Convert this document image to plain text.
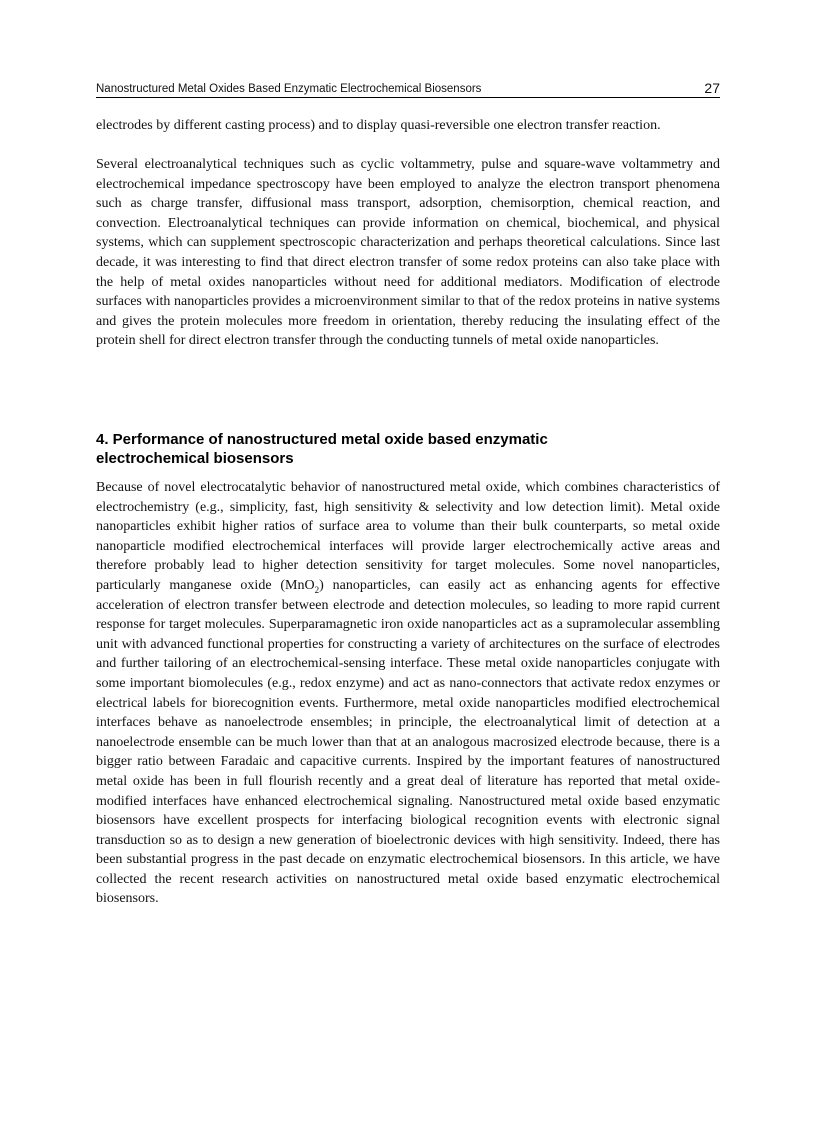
Nanostructured Metal Oxides Based Enzymatic Electrochemical Biosensors	27

electrodes by different casting process) and to display quasi-reversible one electron transfer reaction.

Several electroanalytical techniques such as cyclic voltammetry, pulse and square-wave voltammetry and electrochemical impedance spectroscopy have been employed to analyze the electron transport phenomena such as charge transfer, diffusional mass transport, adsorption, chemisorption, chemical reaction, and convection. Electroanalytical techniques can provide information on chemical, biochemical, and physical systems, which can supplement spectroscopic characterization and perhaps theoretical calculations. Since last decade, it was interesting to find that direct electron transfer of some redox proteins can also take place with the help of metal oxides nanoparticles without need for additional mediators. Modification of electrode surfaces with nanoparticles provides a microenvironment similar to that of the redox proteins in native systems and gives the protein molecules more freedom in orientation, thereby reducing the insulating effect of the protein shell for direct electron transfer through the conducting tunnels of metal oxide nanoparticles.

4. Performance of nanostructured metal oxide based enzymatic electrochemical biosensors

Because of novel electrocatalytic behavior of nanostructured metal oxide, which combines characteristics of electrochemistry (e.g., simplicity, fast, high sensitivity & selectivity and low detection limit). Metal oxide nanoparticles exhibit higher ratios of surface area to volume than their bulk counterparts, so metal oxide nanoparticle modified electrochemical interfaces will provide larger electrochemically active areas and therefore probably lead to higher detection sensitivity for target molecules. Some novel nanoparticles, particularly manganese oxide (MnO$_2$) nanoparticles, can easily act as enhancing agents for effective acceleration of electron transfer between electrode and detection molecules, so leading to more rapid current response for target molecules. Superparamagnetic iron oxide nanoparticles act as a supramolecular assembling unit with advanced functional properties for constructing a variety of architectures on the surface of electrodes and further tailoring of an electrochemical-sensing interface. These metal oxide nanoparticles conjugate with some important biomolecules (e.g., redox enzyme) and act as nano-connectors that activate redox enzymes or electrical labels for biorecognition events. Furthermore, metal oxide nanoparticles modified electrochemical interfaces behave as nanoelectrode ensembles; in principle, the electroanalytical limit of detection at a nanoelectrode ensemble can be much lower than that at an analogous macrosized electrode because, there is a bigger ratio between Faradaic and capacitive currents. Inspired by the important features of nanostructured metal oxide has been in full flourish recently and a great deal of literature has reported that metal oxide-modified interfaces have enhanced electrochemical signaling. Nanostructured metal oxide based enzymatic biosensors have excellent prospects for interfacing biological recognition events with electronic signal transduction so as to design a new generation of bioelectronic devices with high sensitivity. Indeed, there has been substantial progress in the past decade on enzymatic electrochemical biosensors. In this article, we have collected the recent research activities on nanostructured metal oxide based enzymatic electrochemical biosensors.
